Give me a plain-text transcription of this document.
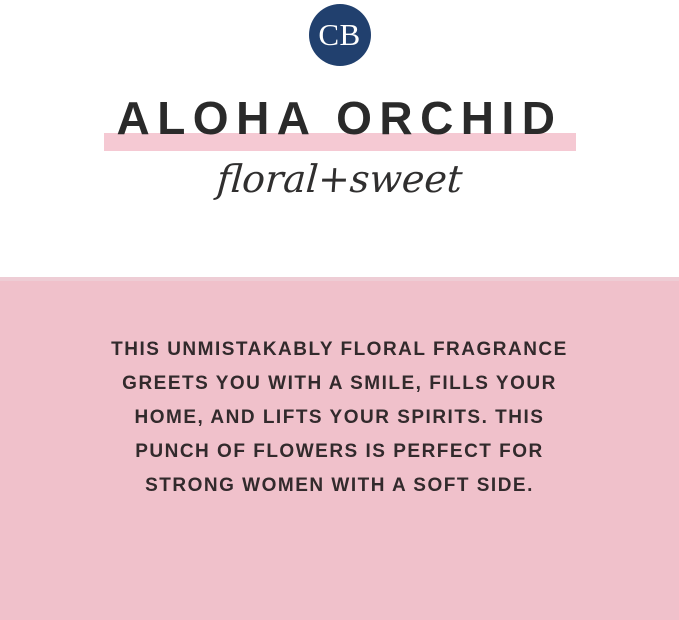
CB
ALOHA ORCHID
floral+sweet
THIS UNMISTAKABLY FLORAL FRAGRANCE
GREETS YOU WITH A SMILE, FILLS YOUR
HOME, AND LIFTS YOUR SPIRITS. THIS
PUNCH OF FLOWERS IS PERFECT FOR
STRONG WOMEN WITH A SOFT SIDE.
